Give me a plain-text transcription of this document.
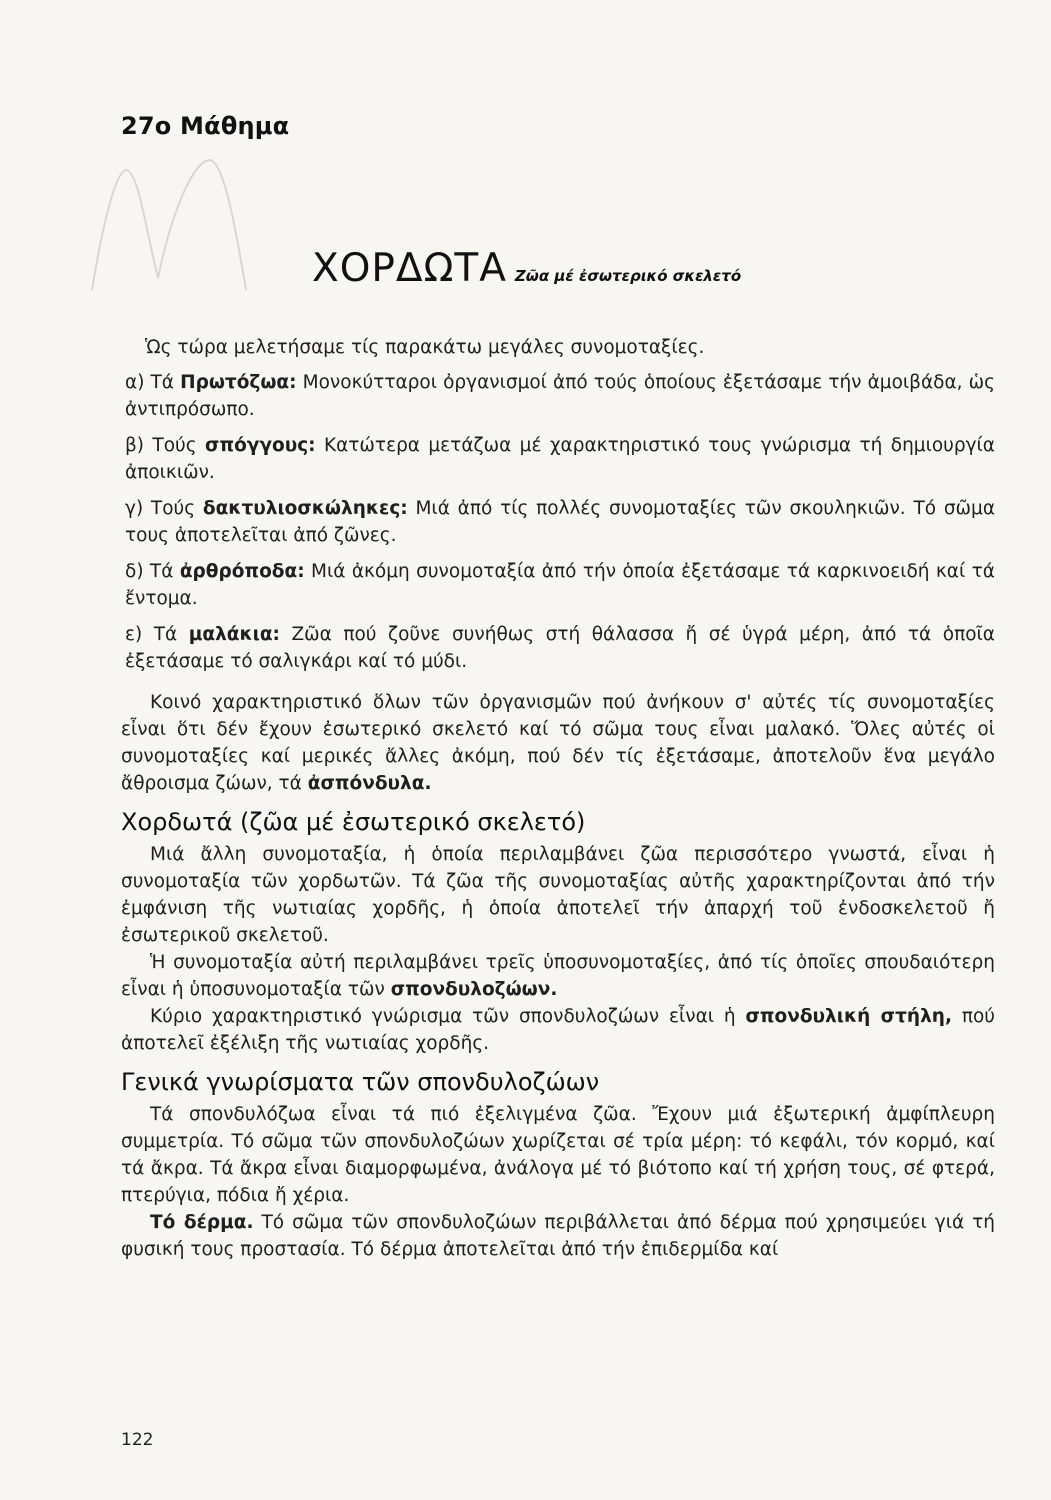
27ο Μάθημα
ΧΟΡΔΩΤΑ Ζῶα μέ ἐσωτερικό σκελετό

Ὡς τώρα μελετήσαμε τίς παρακάτω μεγάλες συνομοταξίες.

α) Τά Πρωτόζωα: Μονοκύτταροι ὀργανισμοί ἀπό τούς ὁποίους ἐξετάσαμε τήν ἀμοιβάδα, ὡς ἀντιπρόσωπο.

β) Τούς σπόγγους: Κατώτερα μετάζωα μέ χαρακτηριστικό τους γνώρισμα τή δημιουργία ἀποικιῶν.

γ) Τούς δακτυλιοσκώληκες: Μιά ἀπό τίς πολλές συνομοταξίες τῶν σκουληκιῶν. Τό σῶμα τους ἀποτελεῖται ἀπό ζῶνες.

δ) Τά ἀρθρόποδα: Μιά ἀκόμη συνομοταξία ἀπό τήν ὁποία ἐξετάσαμε τά καρκινοειδή καί τά ἔντομα.

ε) Τά μαλάκια: Ζῶα πού ζοῦνε συνήθως στή θάλασσα ἤ σέ ὑγρά μέρη, ἀπό τά ὁποῖα ἐξετάσαμε τό σαλιγκάρι καί τό μύδι.

Κοινό χαρακτηριστικό ὅλων τῶν ὀργανισμῶν πού ἀνήκουν σ' αὐτές τίς συνομοταξίες εἶναι ὅτι δέν ἔχουν ἐσωτερικό σκελετό καί τό σῶμα τους εἶναι μαλακό. Ὅλες αὐτές οἱ συνομοταξίες καί μερικές ἄλλες ἀκόμη, πού δέν τίς ἐξετάσαμε, ἀποτελοῦν ἕνα μεγάλο ἄθροισμα ζώων, τά ἀσπόνδυλα.

Χορδωτά (ζῶα μέ ἐσωτερικό σκελετό)

Μιά ἄλλη συνομοταξία, ἡ ὁποία περιλαμβάνει ζῶα περισσότερο γνωστά, εἶναι ἡ συνομοταξία τῶν χορδωτῶν. Τά ζῶα τῆς συνομοταξίας αὐτῆς χαρακτηρίζονται ἀπό τήν ἐμφάνιση τῆς νωτιαίας χορδῆς, ἡ ὁποία ἀποτελεῖ τήν ἀπαρχή τοῦ ἐνδοσκελετοῦ ἤ ἐσωτερικοῦ σκελετοῦ.

Ἡ συνομοταξία αὐτή περιλαμβάνει τρεῖς ὑποσυνομοταξίες, ἀπό τίς ὁποῖες σπουδαιότερη εἶναι ἡ ὑποσυνομοταξία τῶν σπονδυλοζώων.

Κύριο χαρακτηριστικό γνώρισμα τῶν σπονδυλοζώων εἶναι ἡ σπονδυλική στήλη, πού ἀποτελεῖ ἐξέλιξη τῆς νωτιαίας χορδῆς.

Γενικά γνωρίσματα τῶν σπονδυλοζώων

Τά σπονδυλόζωα εἶναι τά πιό ἐξελιγμένα ζῶα. Ἔχουν μιά ἐξωτερική ἀμφίπλευρη συμμετρία. Τό σῶμα τῶν σπονδυλοζώων χωρίζεται σέ τρία μέρη: τό κεφάλι, τόν κορμό, καί τά ἄκρα. Τά ἄκρα εἶναι διαμορφωμένα, ἀνάλογα μέ τό βιότοπο καί τή χρήση τους, σέ φτερά, πτερύγια, πόδια ἤ χέρια.

Τό δέρμα. Τό σῶμα τῶν σπονδυλοζώων περιβάλλεται ἀπό δέρμα πού χρησιμεύει γιά τή φυσική τους προστασία. Τό δέρμα ἀποτελεῖται ἀπό τήν ἐπιδερμίδα καί

122
